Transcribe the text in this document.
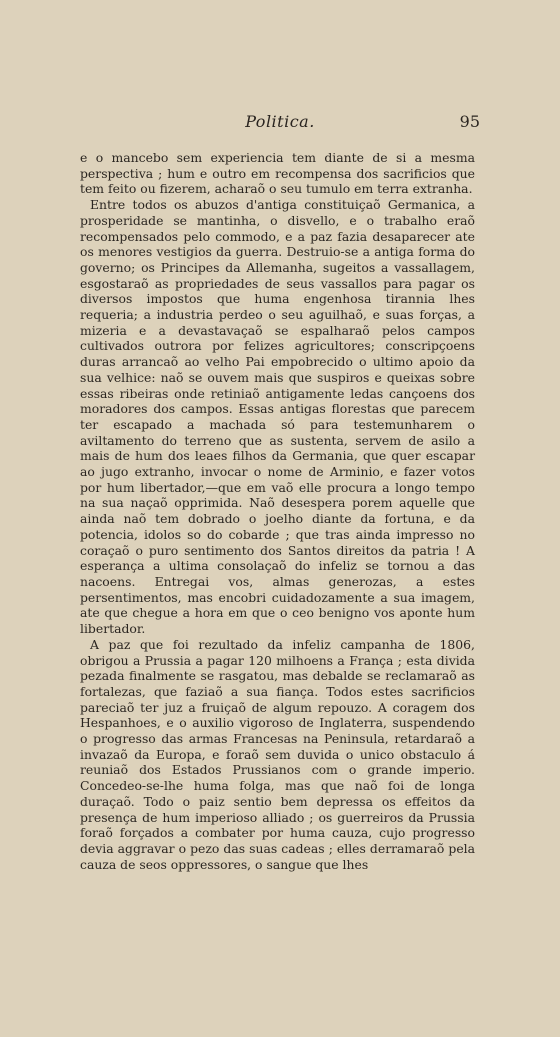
Politica.	95

e o mancebo sem experiencia tem diante de si a mesma perspectiva ; hum e outro em recompensa dos sacrificios que tem feito ou fizerem, acharaõ o seu tumulo em terra extranha.

Entre todos os abuzos d'antiga constituiçaõ Germanica, a prosperidade se mantinha, o disvello, e o trabalho eraõ recompensados pelo commodo, e a paz fazia desaparecer ate os menores vestigios da guerra. Destruio-se a antiga forma do governo; os Principes da Allemanha, sugeitos a vassallagem, esgostaraõ as propriedades de seus vassallos para pagar os diversos impostos que huma engenhosa tirannia lhes requeria; a industria perdeo o seu aguilhaõ, e suas forças, a mizeria e a devastavaçaõ se espalharaõ pelos campos cultivados outrora por felizes agricultores; conscripçoens duras arrancaõ ao velho Pai empobrecido o ultimo apoio da sua velhice: naõ se ouvem mais que suspiros e queixas sobre essas ribeiras onde retiniaõ antigamente ledas cançoens dos moradores dos campos. Essas antigas florestas que parecem ter escapado a machada só para testemunharem o aviltamento do terreno que as sustenta, servem de asilo a mais de hum dos leaes filhos da Germania, que quer escapar ao jugo extranho, invocar o nome de Arminio, e fazer votos por hum libertador,—que em vaõ elle procura a longo tempo na sua naçaõ opprimida. Naõ desespera porem aquelle que ainda naõ tem dobrado o joelho diante da fortuna, e da potencia, idolos so do cobarde ; que tras ainda impresso no coraçaõ o puro sentimento dos Santos direitos da patria ! A esperança a ultima consolaçaõ do infeliz se tornou a das nacoens. Entregai vos, almas generozas, a estes persentimentos, mas encobri cuidadozamente a sua imagem, ate que chegue a hora em que o ceo benigno vos aponte hum libertador.

A paz que foi rezultado da infeliz campanha de 1806, obrigou a Prussia a pagar 120 milhoens a França ; esta divida pezada finalmente se rasgatou, mas debalde se reclamaraõ as fortalezas, que faziaõ a sua fiança. Todos estes sacrificios pareciaõ ter juz a fruiçaõ de algum repouzo. A coragem dos Hespanhoes, e o auxilio vigoroso de Inglaterra, suspendendo o progresso das armas Francesas na Peninsula, retardaraõ a invazaõ da Europa, e foraõ sem duvida o unico obstaculo á reuniaõ dos Estados Prussianos com o grande imperio. Concedeo-se-lhe huma folga, mas que naõ foi de longa duraçaõ. Todo o paiz sentio bem depressa os effeitos da presença de hum imperioso alliado ; os guerreiros da Prussia foraõ forçados a combater por huma cauza, cujo progresso devia aggravar o pezo das suas cadeas ; elles derramaraõ pela cauza de seos oppressores, o sangue que lhes
